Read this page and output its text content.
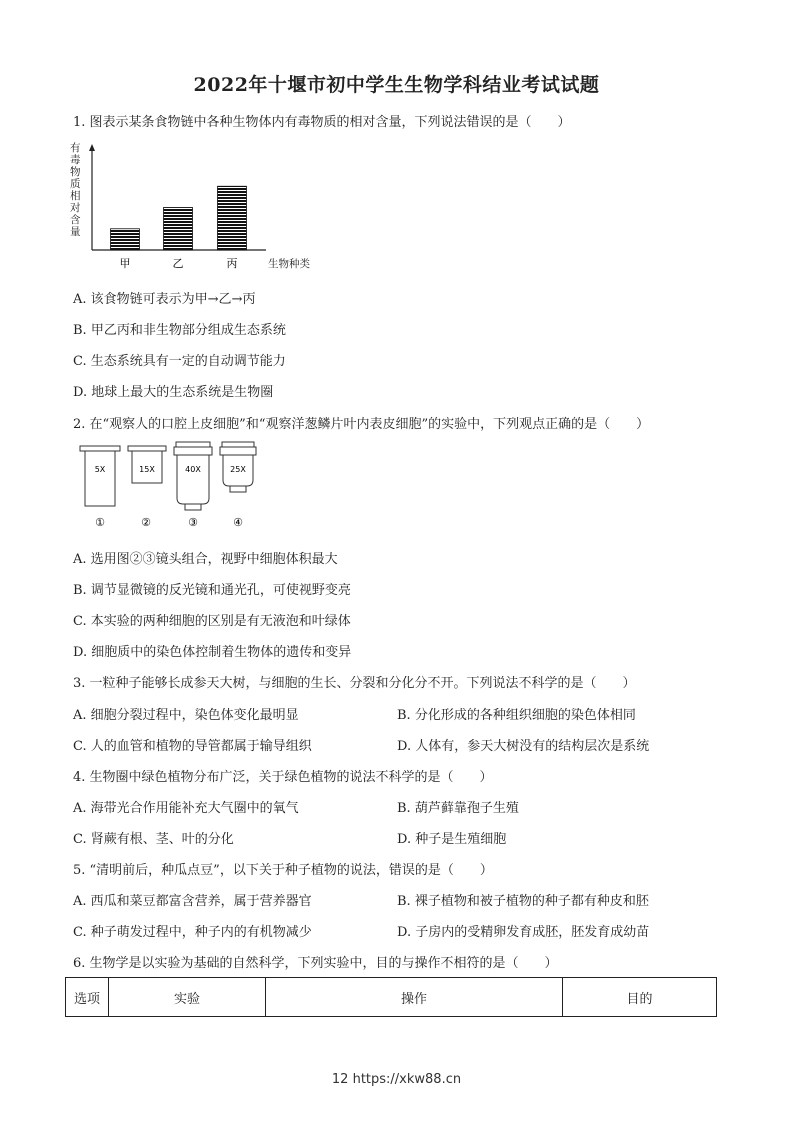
2022年十堰市初中学生生物学科结业考试试题
1. 图表示某条食物链中各种生物体内有毒物质的相对含量，下列说法错误的是（　　）
有
毒
物
质
相
对
含
量
甲	乙	丙	生物种类
A. 该食物链可表示为甲→乙→丙
B. 甲乙丙和非生物部分组成生态系统
C. 生态系统具有一定的自动调节能力
D. 地球上最大的生态系统是生物圈
2. 在“观察人的口腔上皮细胞”和“观察洋葱鳞片叶内表皮细胞”的实验中，下列观点正确的是（　　）
5X
①
15X
②
40X
③
25X
④
A. 选用图②③镜头组合，视野中细胞体积最大
B. 调节显微镜的反光镜和通光孔，可使视野变亮
C. 本实验的两种细胞的区别是有无液泡和叶绿体
D. 细胞质中的染色体控制着生物体的遗传和变异
3. 一粒种子能够长成参天大树，与细胞的生长、分裂和分化分不开。下列说法不科学的是（　　）
A. 细胞分裂过程中，染色体变化最明显	B. 分化形成的各种组织细胞的染色体相同
C. 人的血管和植物的导管都属于输导组织	D. 人体有，参天大树没有的结构层次是系统
4. 生物圈中绿色植物分布广泛，关于绿色植物的说法不科学的是（　　）
A. 海带光合作用能补充大气圈中的氧气	B. 葫芦藓靠孢子生殖
C. 肾蕨有根、茎、叶的分化	D. 种子是生殖细胞
5. “清明前后，种瓜点豆”，以下关于种子植物的说法，错误的是（　　）
A. 西瓜和菜豆都富含营养，属于营养器官	B. 裸子植物和被子植物的种子都有种皮和胚
C. 种子萌发过程中，种子内的有机物减少	D. 子房内的受精卵发育成胚，胚发育成幼苗
6. 生物学是以实验为基础的自然科学，下列实验中，目的与操作不相符的是（　　）
选项	实验	操作	目的
12 https://xkw88.cn
